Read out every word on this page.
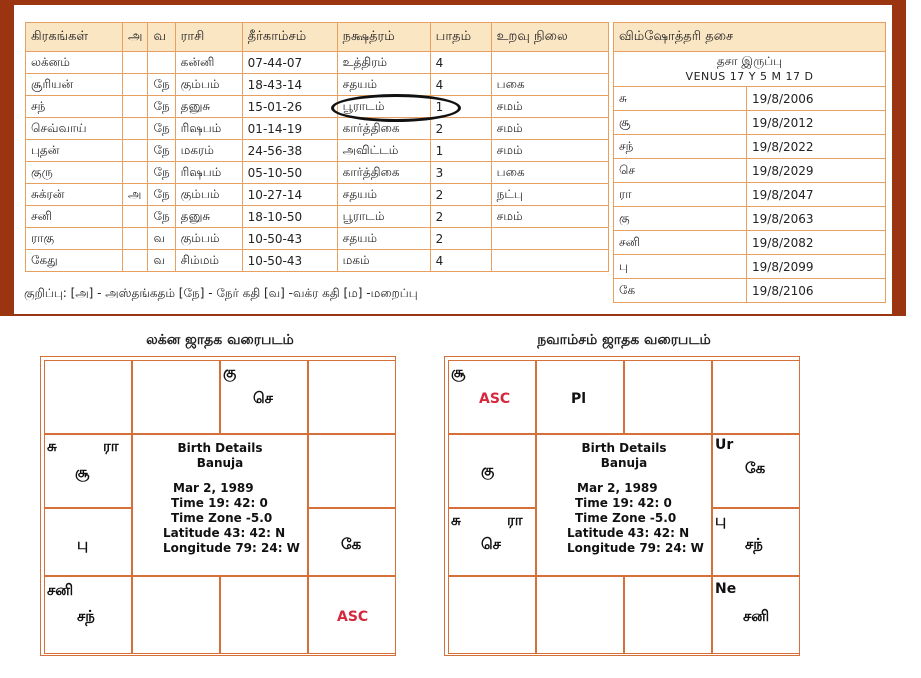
கிரகங்கள்	அ	வ	ராசி	தீர்காம்சம்	நக்ஷத்ரம்	பாதம்	உறவு நிலை
லக்னம்			கன்னி	07-44-07	உத்திரம்	4	
சூரியன்		நே	கும்பம்	18-43-14	சதயம்	4	பகை
சந்		நே	தனுசு	15-01-26	பூராடம்	1	சமம்
செவ்வாய்		நே	ரிஷபம்	01-14-19	கார்த்திகை	2	சமம்
புதன்		நே	மகரம்	24-56-38	அவிட்டம்	1	சமம்
குரு		நே	ரிஷபம்	05-10-50	கார்த்திகை	3	பகை
சுக்ரன்	அ	நே	கும்பம்	10-27-14	சதயம்	2	நட்பு
சனி		நே	தனுசு	18-10-50	பூராடம்	2	சமம்
ராகு		வ	கும்பம்	10-50-43	சதயம்	2	
கேது		வ	சிம்மம்	10-50-43	மகம்	4	
குறிப்பு: [அ] - அஸ்தங்கதம் [நே] - நேர் கதி [வ] -வக்ர கதி [ம] -மறைப்பு
விம்ஷோத்தரி தசை	

தசா இருப்பு
VENUS 17 Y 5 M 17 D	

சு	19/8/2006
சூ	19/8/2012
சந்	19/8/2022
செ	19/8/2029
ரா	19/8/2047
கு	19/8/2063
சனி	19/8/2082
பு	19/8/2099
கே	19/8/2106
லக்ன ஜாதக வரைபடம்
கு
செ
சு	ரா
சூ
பு	கே
Birth Details
Banuja
Mar 2, 1989
Time 19: 42: 0
Time Zone -5.0
Latitude 43: 42: N
Longitude 79: 24: W
சனி
சந்	ASC
நவாம்சம் ஜாதக வரைபடம்
சூ
ASC	Pl
கு
சு	ரா
செ
Ur
கே
பு
சந்
Birth Details
Banuja
Mar 2, 1989
Time 19: 42: 0
Time Zone -5.0
Latitude 43: 42: N
Longitude 79: 24: W
Ne
சனி
